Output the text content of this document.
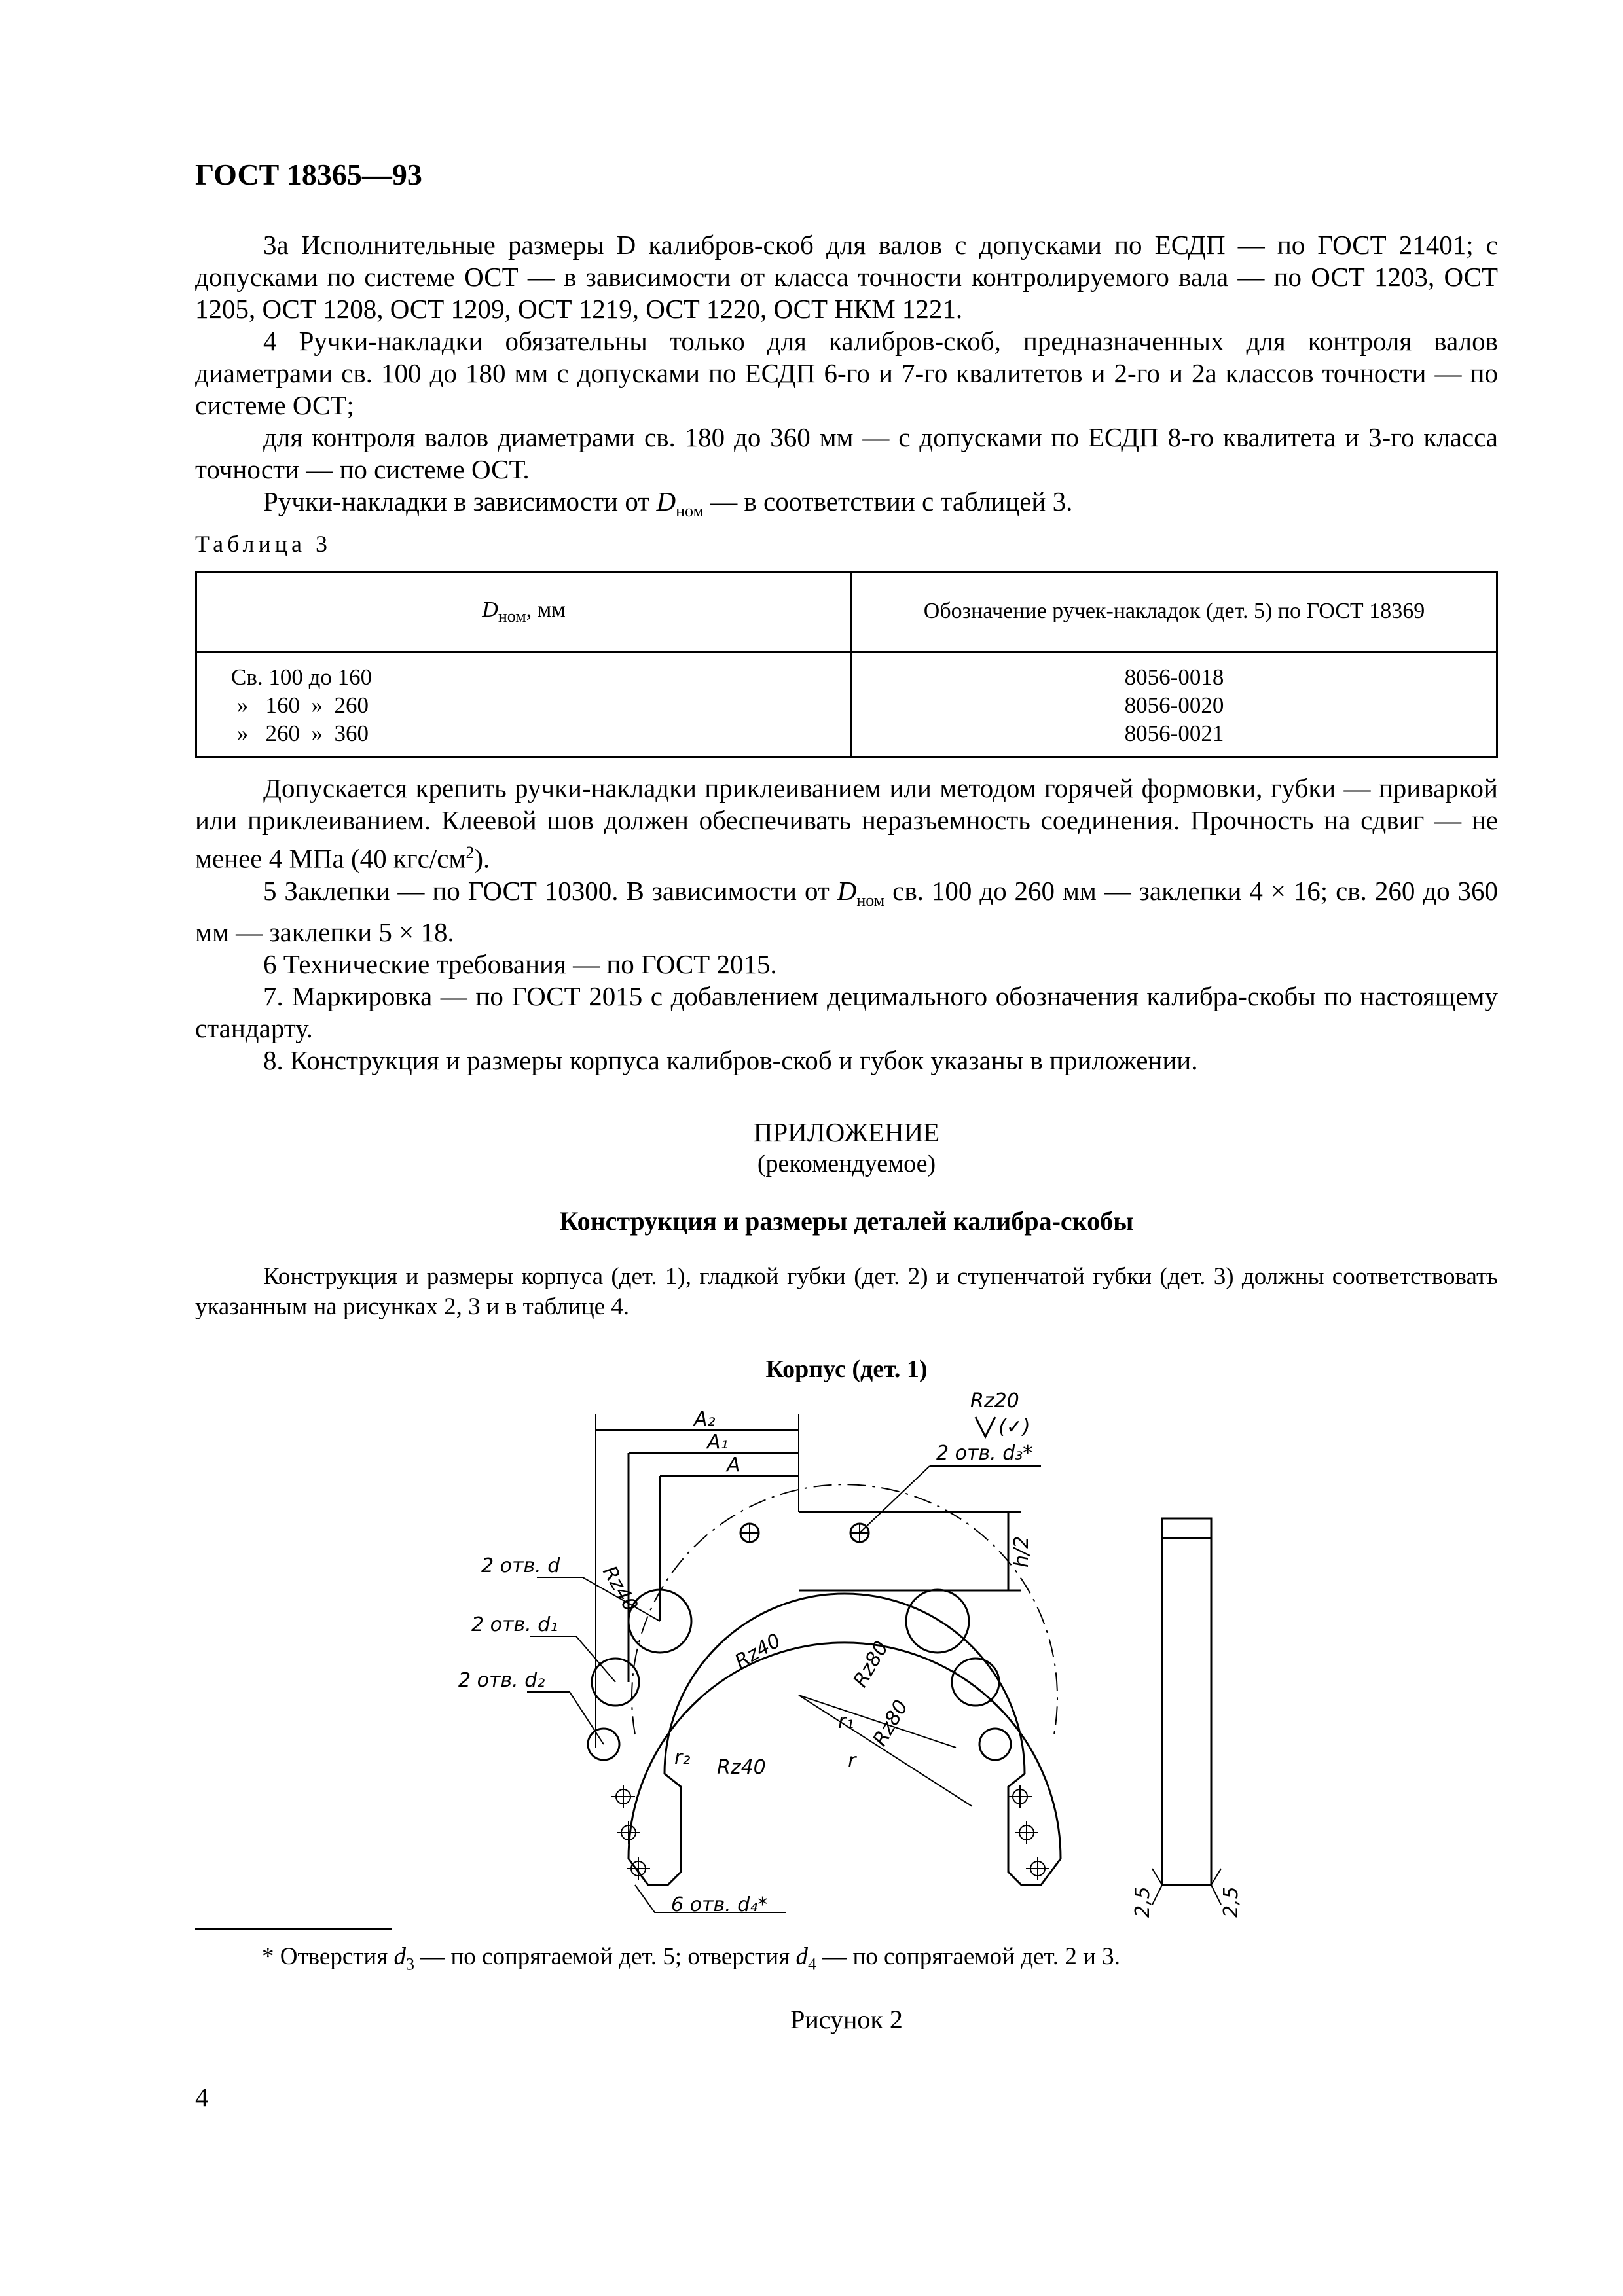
ГОСТ 18365—93

3а Исполнительные размеры D калибров-скоб для валов с допусками по ЕСДП — по ГОСТ 21401; с допусками по системе ОСТ — в зависимости от класса точности контролируемого вала — по ОСТ 1203, ОСТ 1205, ОСТ 1208, ОСТ 1209, ОСТ 1219, ОСТ 1220, ОСТ НКМ 1221.

4 Ручки-накладки обязательны только для калибров-скоб, предназначенных для контроля валов диаметрами св. 100 до 180 мм с допусками по ЕСДП 6-го и 7-го квалитетов и 2-го и 2а классов точности — по системе ОСТ;

для контроля валов диаметрами св. 180 до 360 мм — с допусками по ЕСДП 8-го квалитета и 3-го класса точности — по системе ОСТ.

Ручки-накладки в зависимости от $D_{ном}$ — в соответствии с таблицей 3.

Таблица 3
$D_{ном}$, мм	Обозначение ручек-накладок (дет. 5) по ГОСТ 18369
Св. 100 до 160
»   160  »  260
»   260  »  360
8056-0018
8056-0020
8056-0021

Допускается крепить ручки-накладки приклеиванием или методом горячей формовки, губки — приваркой или приклеиванием. Клеевой шов должен обеспечивать неразъемность соединения. Прочность на сдвиг — не менее 4 МПа (40 кгс/$см^2$).

5 Заклепки — по ГОСТ 10300. В зависимости от $D_{ном}$ св. 100 до 260 мм — заклепки 4 × 16; св. 260 до 360 мм — заклепки 5 × 18.

6 Технические требования — по ГОСТ 2015.

7. Маркировка — по ГОСТ 2015 с добавлением децимального обозначения калибра-скобы по настоящему стандарту.

8. Конструкция и размеры корпуса калибров-скоб и губок указаны в приложении.

ПРИЛОЖЕНИЕ
(рекомендуемое)
Конструкция и размеры деталей калибра-скобы

Конструкция и размеры корпуса (дет. 1), гладкой губки (дет. 2) и ступенчатой губки (дет. 3) должны соответствовать указанным на рисунках 2, 3 и в таблице 4.

Корпус (дет. 1)
A₂
A₁
A
Rz20
(✓)
2 отв. d₃*
2 отв. d
2 отв. d₁
2 отв. d₂
6 отв. d₄*
Rz40
Rz40
Rz40
Rz80
Rz80
h/2
r
r₁
r₂
2,5	2,5
* Отверстия $d_3$ — по сопрягаемой дет. 5; отверстия $d_4$ — по сопрягаемой дет. 2 и 3.
Рисунок 2
4
